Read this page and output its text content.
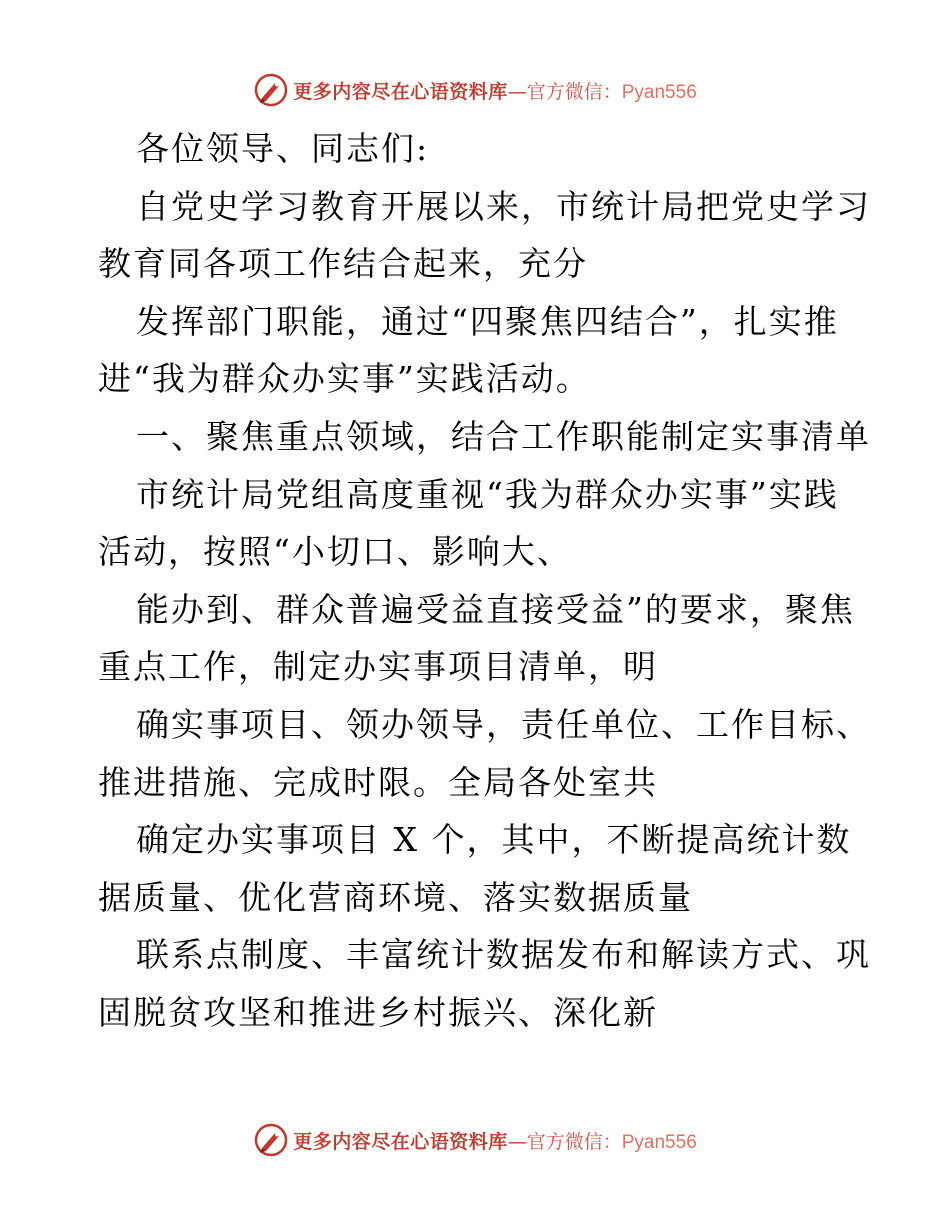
更多内容尽在心语资料库—官方微信：Pyan556

各位领导、同志们:

自党史学习教育开展以来，市统计局把党史学习

教育同各项工作结合起来，充分

发挥部门职能，通过“四聚焦四结合”，扎实推

进“我为群众办实事”实践活动。

一、聚焦重点领域，结合工作职能制定实事清单

市统计局党组高度重视“我为群众办实事”实践

活动，按照“小切口、影响大、

能办到、群众普遍受益直接受益”的要求，聚焦

重点工作，制定办实事项目清单，明

确实事项目、领办领导，责任单位、工作目标、

推进措施、完成时限。全局各处室共

确定办实事项目 X 个，其中，不断提高统计数

据质量、优化营商环境、落实数据质量

联系点制度、丰富统计数据发布和解读方式、巩

固脱贫攻坚和推进乡村振兴、深化新

更多内容尽在心语资料库—官方微信：Pyan556
